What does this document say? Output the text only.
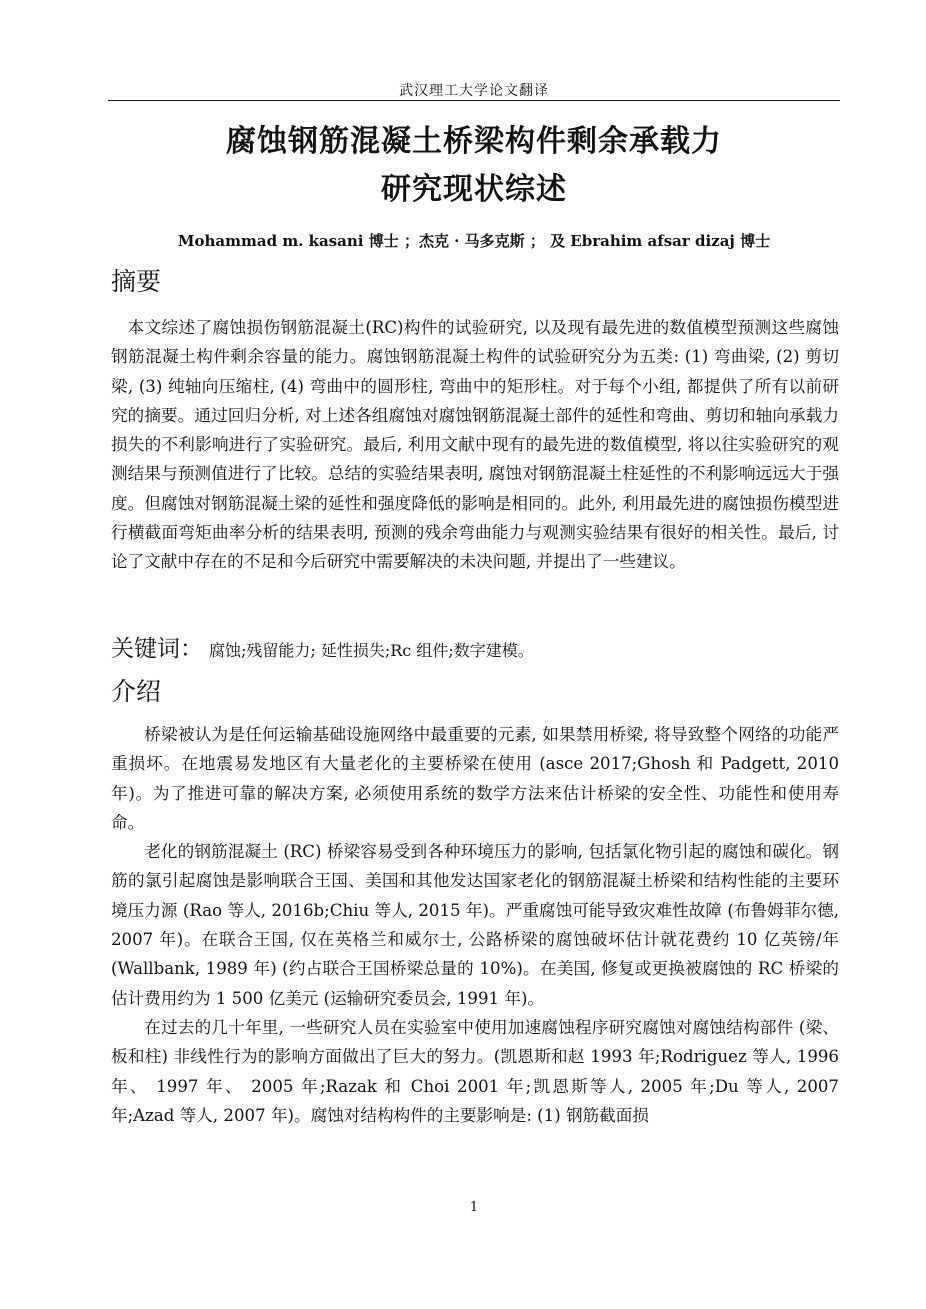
武汉理工大学论文翻译
腐蚀钢筋混凝土桥梁构件剩余承载力
研究现状综述
Mohammad m. kasani 博士 ；杰克 · 马多克斯 ； 及 Ebrahim afsar dizaj 博士
摘要

本文综述了腐蚀损伤钢筋混凝土(RC)构件的试验研究, 以及现有最先进的数值模型预测这些腐蚀钢筋混凝土构件剩余容量的能力。腐蚀钢筋混凝土构件的试验研究分为五类: (1) 弯曲梁, (2) 剪切梁, (3) 纯轴向压缩柱, (4) 弯曲中的圆形柱, 弯曲中的矩形柱。对于每个小组, 都提供了所有以前研究的摘要。通过回归分析, 对上述各组腐蚀对腐蚀钢筋混凝土部件的延性和弯曲、剪切和轴向承载力损失的不利影响进行了实验研究。最后, 利用文献中现有的最先进的数值模型, 将以往实验研究的观测结果与预测值进行了比较。总结的实验结果表明, 腐蚀对钢筋混凝土柱延性的不利影响远远大于强度。但腐蚀对钢筋混凝土梁的延性和强度降低的影响是相同的。此外, 利用最先进的腐蚀损伤模型进行横截面弯矩曲率分析的结果表明, 预测的残余弯曲能力与观测实验结果有很好的相关性。最后, 讨论了文献中存在的不足和今后研究中需要解决的未决问题, 并提出了一些建议。

关键词： 腐蚀;残留能力; 延性损失;Rc 组件;数字建模。
介绍

桥梁被认为是任何运输基础设施网络中最重要的元素, 如果禁用桥梁, 将导致整个网络的功能严重损坏。在地震易发地区有大量老化的主要桥梁在使用 (asce 2017;Ghosh 和 Padgett, 2010 年)。为了推进可靠的解决方案, 必须使用系统的数学方法来估计桥梁的安全性、功能性和使用寿命。

老化的钢筋混凝土 (RC) 桥梁容易受到各种环境压力的影响, 包括氯化物引起的腐蚀和碳化。钢筋的氯引起腐蚀是影响联合王国、美国和其他发达国家老化的钢筋混凝土桥梁和结构性能的主要环境压力源 (Rao 等人, 2016b;Chiu 等人, 2015 年)。严重腐蚀可能导致灾难性故障 (布鲁姆菲尔德, 2007 年)。在联合王国, 仅在英格兰和威尔士, 公路桥梁的腐蚀破坏估计就花费约 10 亿英镑/年 (Wallbank, 1989 年) (约占联合王国桥梁总量的 10%)。在美国, 修复或更换被腐蚀的 RC 桥梁的估计费用约为 1 500 亿美元 (运输研究委员会, 1991 年)。

在过去的几十年里, 一些研究人员在实验室中使用加速腐蚀程序研究腐蚀对腐蚀结构部件 (梁、板和柱) 非线性行为的影响方面做出了巨大的努力。(凯恩斯和赵 1993 年;Rodriguez 等人, 1996 年、 1997 年、 2005 年;Razak 和 Choi 2001 年;凯恩斯等人, 2005 年;Du 等人, 2007 年;Azad 等人, 2007 年)。腐蚀对结构构件的主要影响是: (1) 钢筋截面损

1
